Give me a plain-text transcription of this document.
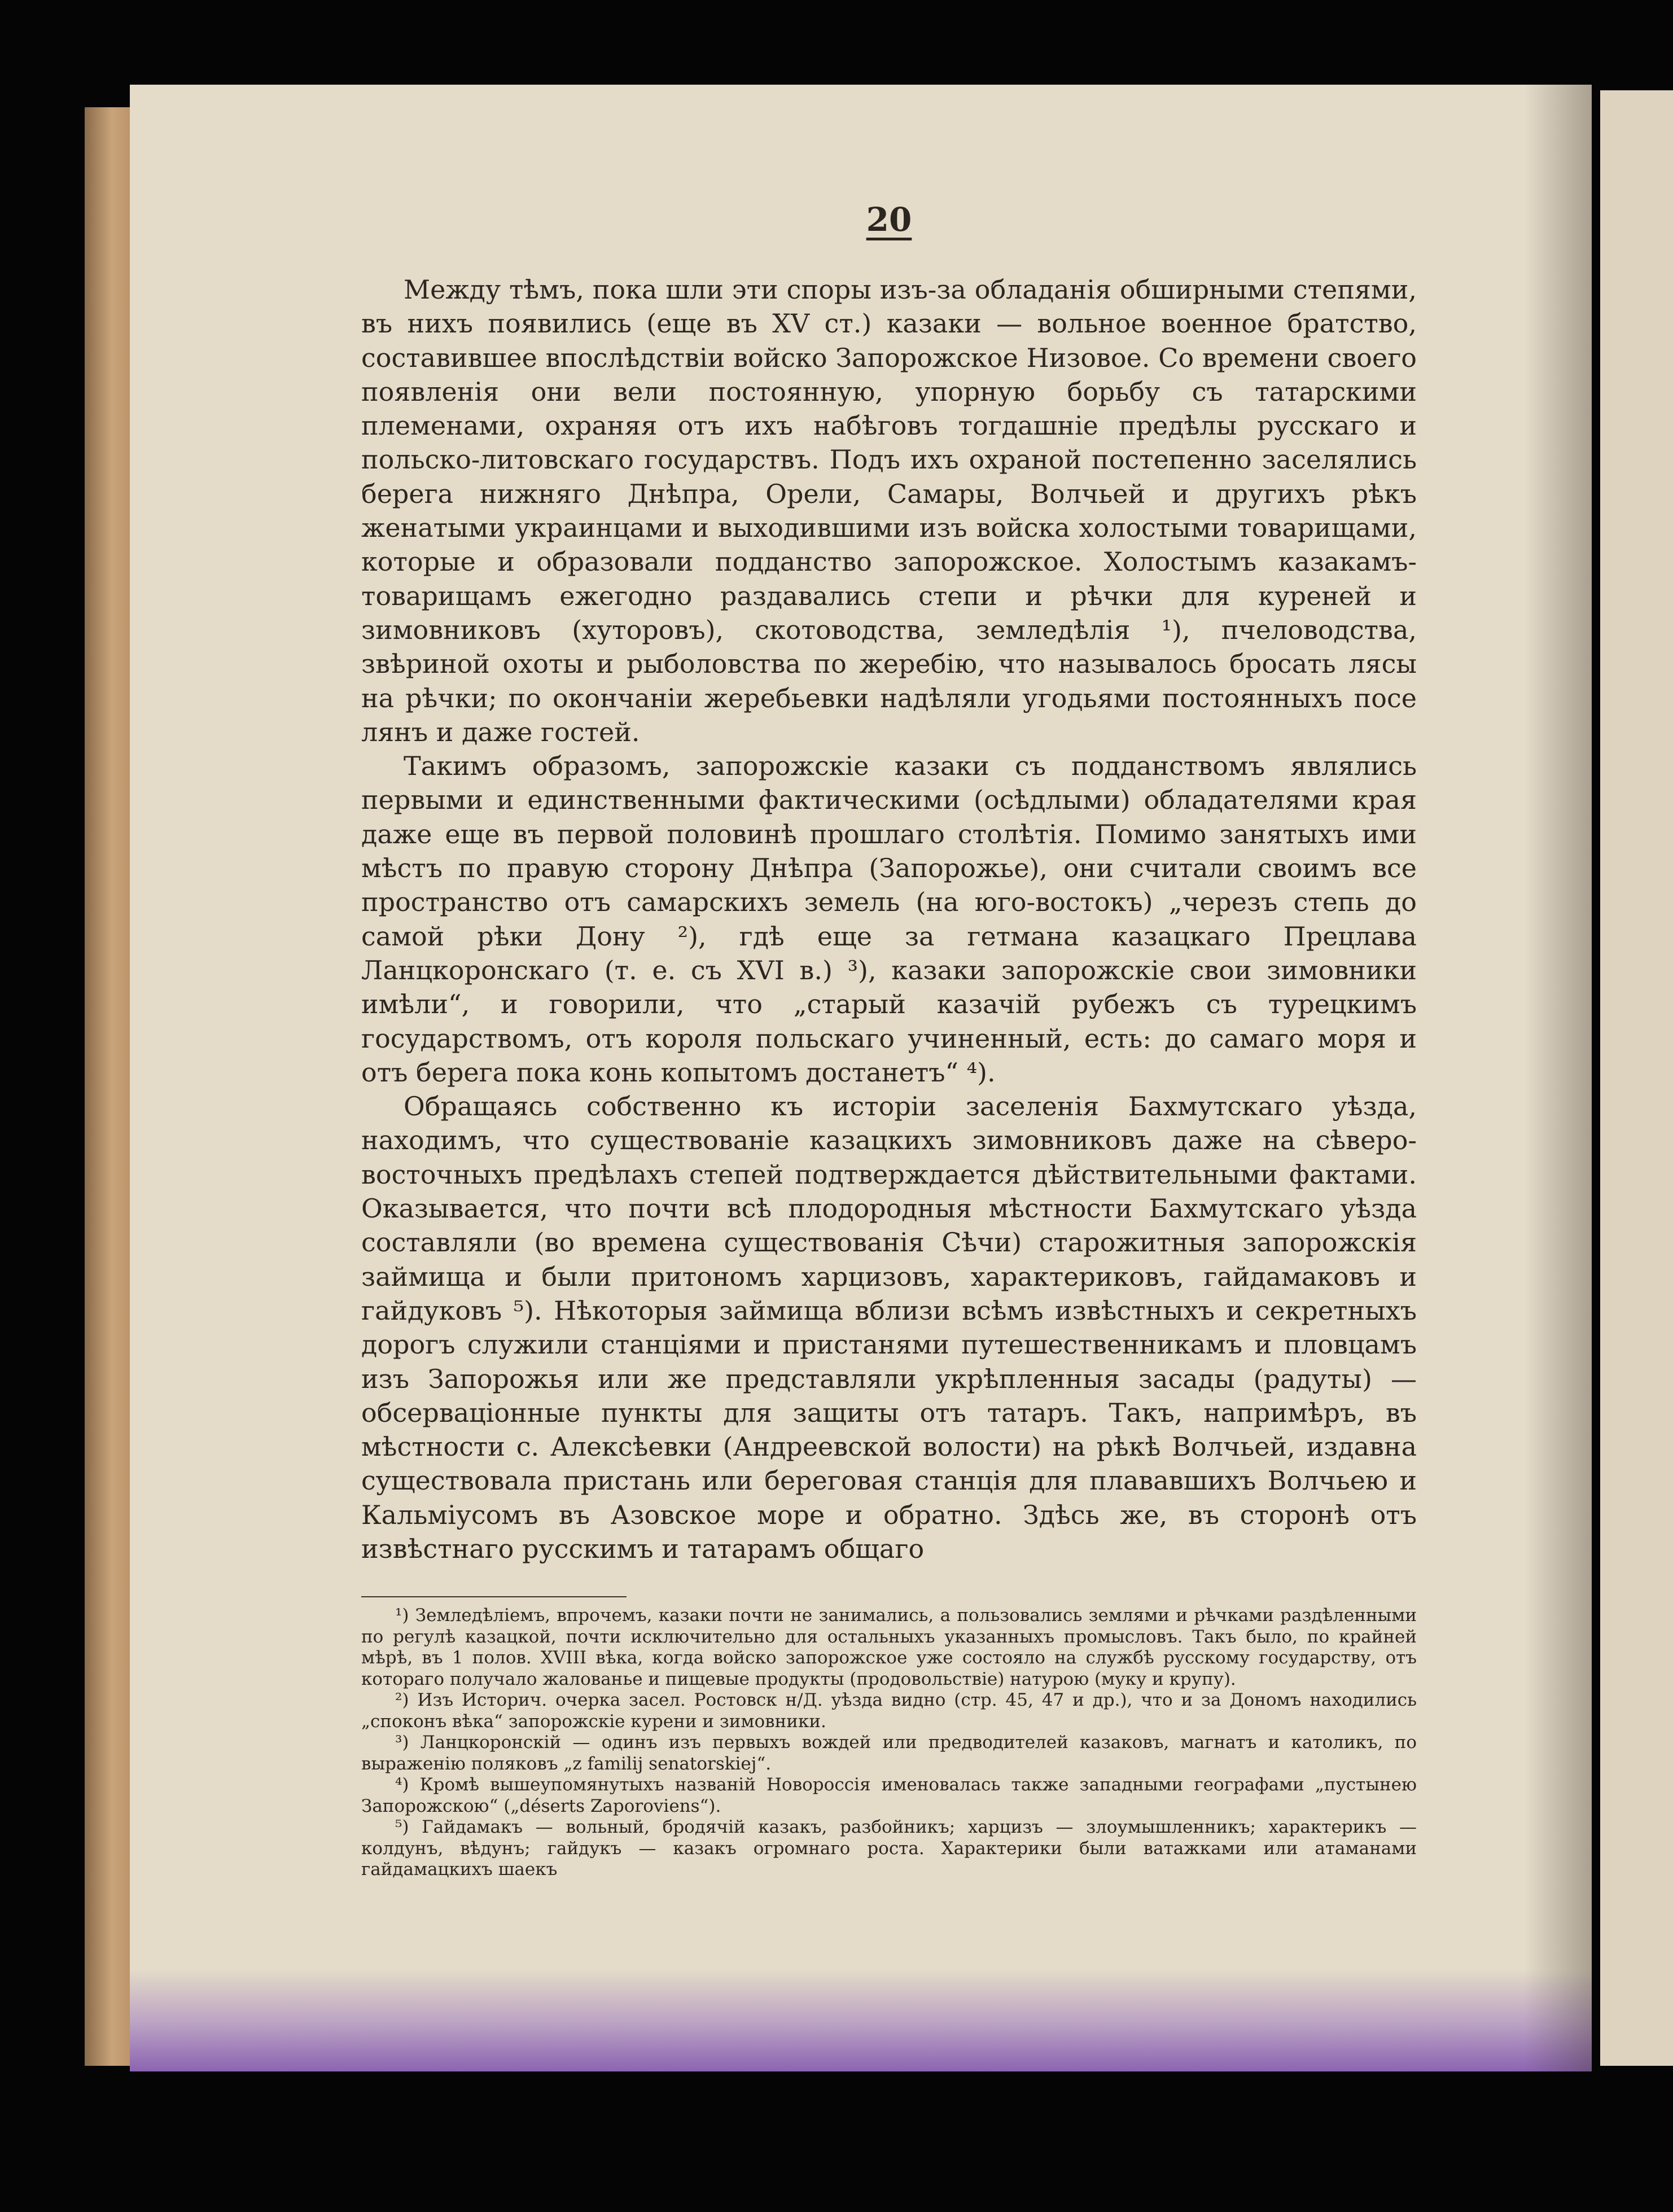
20

Между тѣмъ, пока шли эти споры изъ-за обладанія обширными степями, въ нихъ появились (еще въ XV ст.) казаки — вольное военное братство, составившее впослѣдствіи войско Запорожское Низовое. Со времени своего появленія они вели постоянную, упорную борьбу съ татарскими племенами, охраняя отъ ихъ набѣговъ тогдашніе предѣлы русскаго и польско-литовскаго государствъ. Подъ ихъ охраной постепенно заселялись берега нижняго Днѣпра, Орели, Самары, Волчьей и другихъ рѣкъ женатыми украинцами и выходившими изъ войска холостыми товарищами, которые и образовали подданство запорожское. Холостымъ казакамъ-товарищамъ ежегодно раздавались степи и рѣчки для куреней и зимовниковъ (хуторовъ), скотоводства, земледѣлія ¹), пчеловодства, звѣриной охоты и рыболовства по жеребію, что называлось бросать лясы на рѣчки; по окончаніи жеребьевки надѣляли угодьями постоянныхъ посе лянъ и даже гостей.

Такимъ образомъ, запорожскіе казаки съ подданствомъ являлись первыми и единственными фактическими (осѣдлыми) обладателями края даже еще въ первой половинѣ прошлаго столѣтія. Помимо занятыхъ ими мѣстъ по правую сторону Днѣпра (Запорожье), они считали своимъ все пространство отъ самарскихъ земель (на юго-востокъ) „черезъ степь до самой рѣки Дону ²), гдѣ еще за гетмана казацкаго Прецлава Ланцкоронскаго (т. е. съ XVI в.) ³), казаки запорожскіе свои зимовники имѣли“, и говорили, что „старый казачій рубежъ съ турецкимъ государствомъ, отъ короля польскаго учиненный, есть: до самаго моря и отъ берега пока конь копытомъ достанетъ“ ⁴).

Обращаясь собственно къ исторіи заселенія Бахмутскаго уѣзда, находимъ, что существованіе казацкихъ зимовниковъ даже на сѣверо-восточныхъ предѣлахъ степей подтверждается дѣйствительными фактами. Оказывается, что почти всѣ плодородныя мѣстности Бахмутскаго уѣзда составляли (во времена существованія Сѣчи) старожитныя запорожскія займища и были притономъ харцизовъ, характериковъ, гайдамаковъ и гайдуковъ ⁵). Нѣкоторыя займища вблизи всѣмъ извѣстныхъ и секретныхъ дорогъ служили станціями и пристанями путешественникамъ и пловцамъ изъ Запорожья или же представляли укрѣпленныя засады (радуты) — обсерваціонные пункты для защиты отъ татаръ. Такъ, напримѣръ, въ мѣстности с. Алексѣевки (Андреевской волости) на рѣкѣ Волчьей, издавна существовала пристань или береговая станція для плававшихъ Волчьею и Кальміусомъ въ Азовское море и обратно. Здѣсь же, въ сторонѣ отъ извѣстнаго русскимъ и татарамъ общаго

¹) Земледѣліемъ, впрочемъ, казаки почти не занимались, а пользовались землями и рѣчками раздѣленными по регулѣ казацкой, почти исключительно для остальныхъ указанныхъ промысловъ. Такъ было, по крайней мѣрѣ, въ 1 полов. XVIII вѣка, когда войско запорожское уже состояло на службѣ русскому государству, отъ котораго получало жалованье и пищевые продукты (продовольствіе) натурою (муку и крупу).

²) Изъ Историч. очерка засел. Ростовск н/Д. уѣзда видно (стр. 45, 47 и др.), что и за Дономъ находились „споконъ вѣка“ запорожскіе курени и зимовники.

³) Ланцкоронскій — одинъ изъ первыхъ вождей или предводителей казаковъ, магнатъ и католикъ, по выраженію поляковъ „z familij senatorskiej“.

⁴) Кромѣ вышеупомянутыхъ названій Новороссія именовалась также западными географами „пустынею Запорожскою“ („déserts Zaporoviens“).

⁵) Гайдамакъ — вольный, бродячій казакъ, разбойникъ; харцизъ — злоумышленникъ; характерикъ — колдунъ, вѣдунъ; гайдукъ — казакъ огромнаго роста. Характерики были ватажками или атаманами гайдамацкихъ шаекъ
